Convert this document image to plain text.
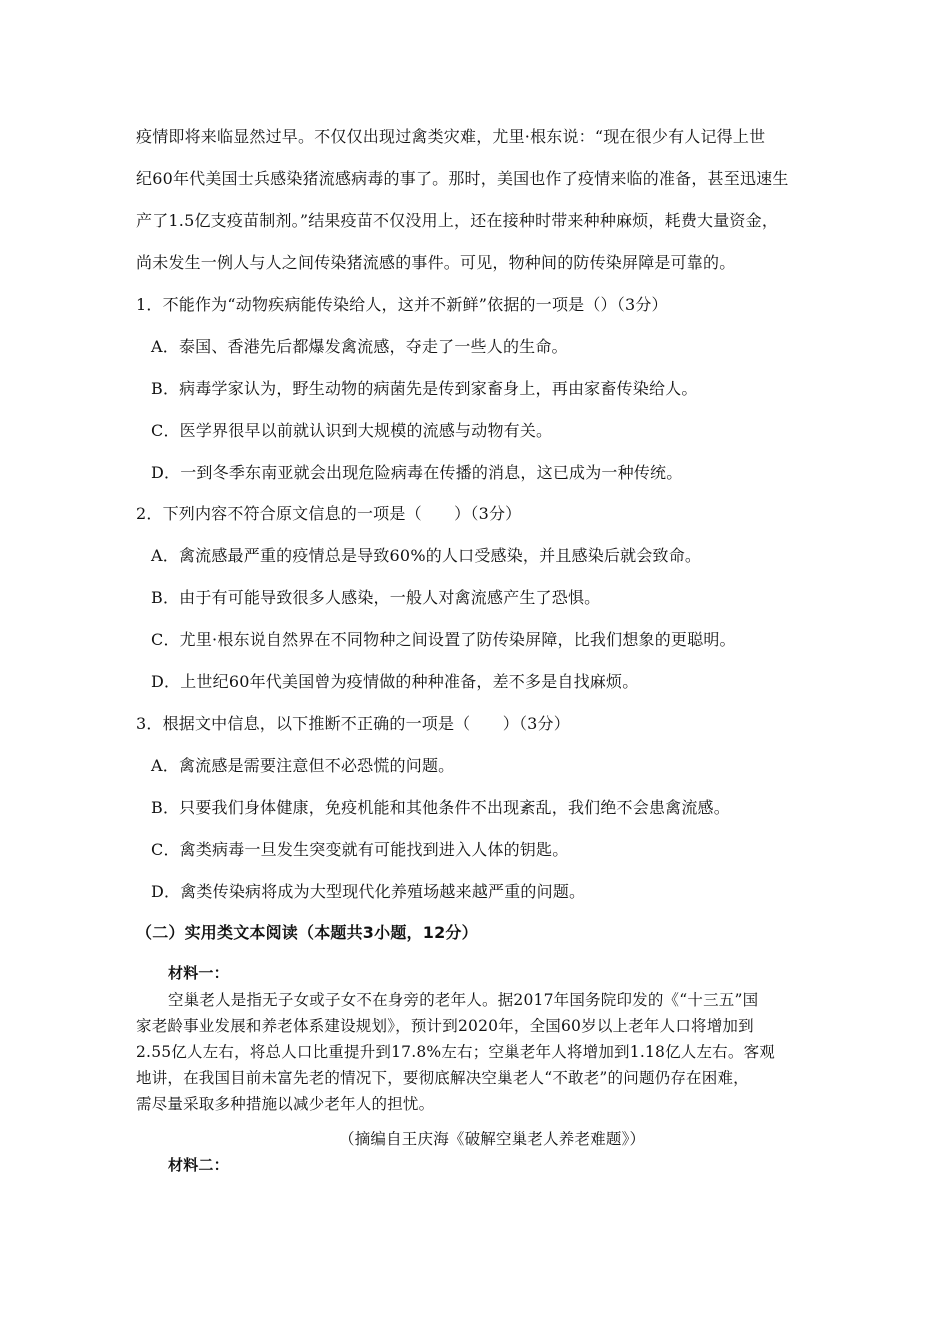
疫情即将来临显然过早。不仅仅出现过禽类灾难，尤里·根东说：“现在很少有人记得上世
纪60年代美国士兵感染猪流感病毒的事了。那时，美国也作了疫情来临的准备，甚至迅速生
产了1.5亿支疫苗制剂。”结果疫苗不仅没用上，还在接种时带来种种麻烦，耗费大量资金，
尚未发生一例人与人之间传染猪流感的事件。可见，物种间的防传染屏障是可靠的。
1．不能作为“动物疾病能传染给人，这并不新鲜”依据的一项是（）（3分）
A．泰国、香港先后都爆发禽流感，夺走了一些人的生命。
B．病毒学家认为，野生动物的病菌先是传到家畜身上，再由家畜传染给人。
C．医学界很早以前就认识到大规模的流感与动物有关。
D．一到冬季东南亚就会出现危险病毒在传播的消息，这已成为一种传统。
2．下列内容不符合原文信息的一项是（　　）（3分）
A．禽流感最严重的疫情总是导致60%的人口受感染，并且感染后就会致命。
B．由于有可能导致很多人感染，一般人对禽流感产生了恐惧。
C．尤里·根东说自然界在不同物种之间设置了防传染屏障，比我们想象的更聪明。
D．上世纪60年代美国曾为疫情做的种种准备，差不多是自找麻烦。
3．根据文中信息，以下推断不正确的一项是（　　）（3分）
A．禽流感是需要注意但不必恐慌的问题。
B．只要我们身体健康，免疫机能和其他条件不出现紊乱，我们绝不会患禽流感。
C．禽类病毒一旦发生突变就有可能找到进入人体的钥匙。
D．禽类传染病将成为大型现代化养殖场越来越严重的问题。
（二）实用类文本阅读（本题共3小题，12分）
材料一：
空巢老人是指无子女或子女不在身旁的老年人。据2017年国务院印发的《“十三五”国
家老龄事业发展和养老体系建设规划》，预计到2020年，全国60岁以上老年人口将增加到
2.55亿人左右，将总人口比重提升到17.8%左右；空巢老年人将增加到1.18亿人左右。客观
地讲，在我国目前未富先老的情况下，要彻底解决空巢老人“不敢老”的问题仍存在困难，
需尽量采取多种措施以减少老年人的担忧。
（摘编自王庆海《破解空巢老人养老难题》）
材料二：
